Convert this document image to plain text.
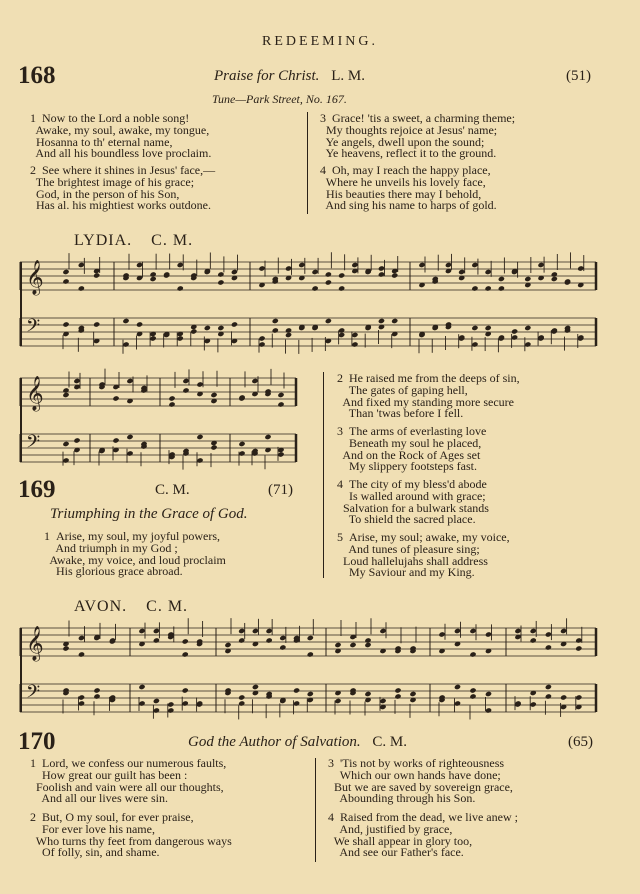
REDEEMING.
168	Praise for Christ. L. M.	(51)
Tune—Park Street, No. 167.
1 Now to the Lord a noble song!
Awake, my soul, awake, my tongue,
Hosanna to th' eternal name,
And all his boundless love proclaim.
2 See where it shines in Jesus' face,—
The brightest image of his grace;
God, in the person of his Son,
Has al. his mightiest works outdone.
3 Grace! 'tis a sweet, a charming theme;
My thoughts rejoice at Jesus' name;
Ye angels, dwell upon the sound;
Ye heavens, reflect it to the ground.
4 Oh, may I reach the happy place,
Where he unveils his lovely face,
His beauties there may I behold,
And sing his name to harps of gold.
LYDIA. C. M.
𝄞
𝄢
𝄞
𝄢
𝄞
𝄢
169	C. M.	(71)
Triumphing in the Grace of God.
1 Arise, my soul, my joyful powers,
And triumph in my God ;
Awake, my voice, and loud proclaim
His glorious grace abroad.
2 He raised me from the deeps of sin,
The gates of gaping hell,
And fixed my standing more secure
Than 'twas before I fell.
3 The arms of everlasting love
Beneath my soul he placed,
And on the Rock of Ages set
My slippery footsteps fast.
4 The city of my bless'd abode
Is walled around with grace;
Salvation for a bulwark stands
To shield the sacred place.
5 Arise, my soul; awake, my voice,
And tunes of pleasure sing;
Loud hallelujahs shall address
My Saviour and my King.
AVON. C. M.
170	God the Author of Salvation. C. M.	(65)
1 Lord, we confess our numerous faults,
How great our guilt has been :
Foolish and vain were all our thoughts,
And all our lives were sin.
2 But, O my soul, for ever praise,
For ever love his name,
Who turns thy feet from dangerous ways
Of folly, sin, and shame.
3 'Tis not by works of righteousness
Which our own hands have done;
But we are saved by sovereign grace,
Abounding through his Son.
4 Raised from the dead, we live anew ;
And, justified by grace,
We shall appear in glory too,
And see our Father's face.
